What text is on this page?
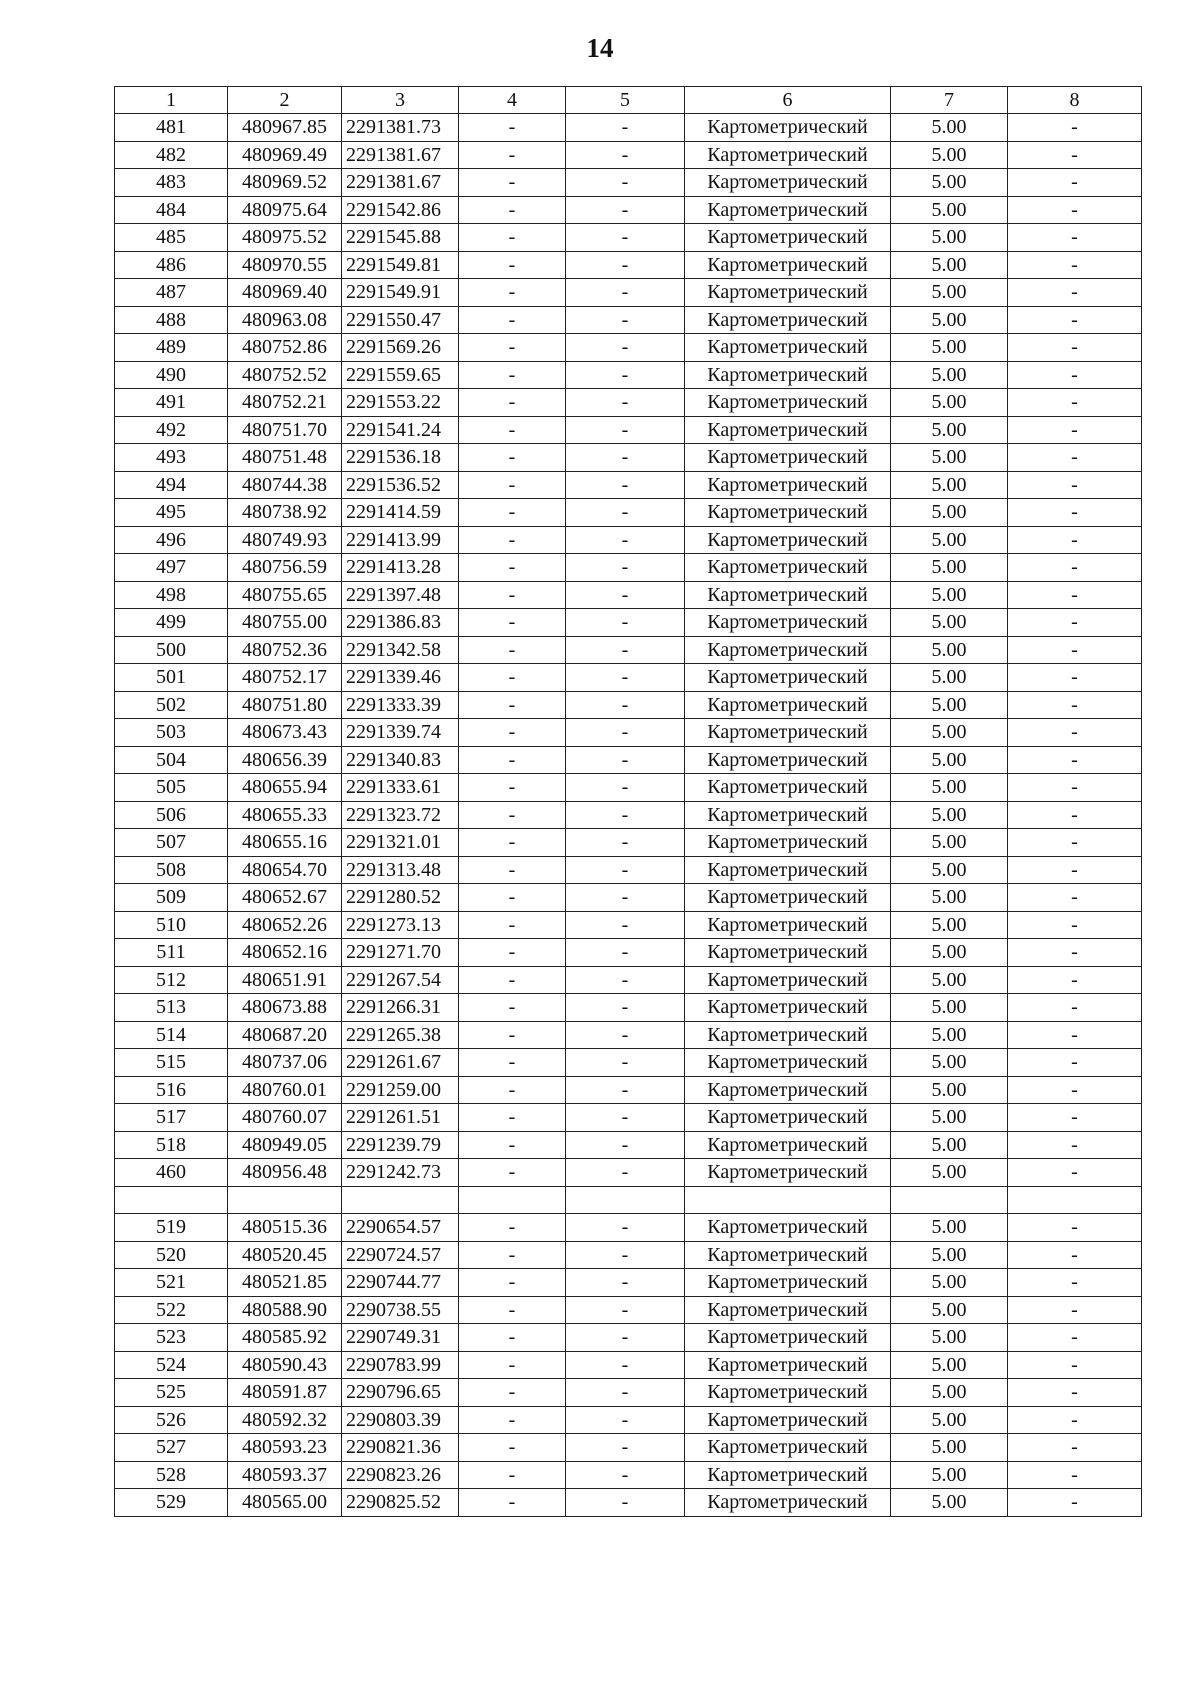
14
1	2	3	4	5	6	7	8
481	480967.85	2291381.73	-	-	Картометрический	5.00	-
482	480969.49	2291381.67	-	-	Картометрический	5.00	-
483	480969.52	2291381.67	-	-	Картометрический	5.00	-
484	480975.64	2291542.86	-	-	Картометрический	5.00	-
485	480975.52	2291545.88	-	-	Картометрический	5.00	-
486	480970.55	2291549.81	-	-	Картометрический	5.00	-
487	480969.40	2291549.91	-	-	Картометрический	5.00	-
488	480963.08	2291550.47	-	-	Картометрический	5.00	-
489	480752.86	2291569.26	-	-	Картометрический	5.00	-
490	480752.52	2291559.65	-	-	Картометрический	5.00	-
491	480752.21	2291553.22	-	-	Картометрический	5.00	-
492	480751.70	2291541.24	-	-	Картометрический	5.00	-
493	480751.48	2291536.18	-	-	Картометрический	5.00	-
494	480744.38	2291536.52	-	-	Картометрический	5.00	-
495	480738.92	2291414.59	-	-	Картометрический	5.00	-
496	480749.93	2291413.99	-	-	Картометрический	5.00	-
497	480756.59	2291413.28	-	-	Картометрический	5.00	-
498	480755.65	2291397.48	-	-	Картометрический	5.00	-
499	480755.00	2291386.83	-	-	Картометрический	5.00	-
500	480752.36	2291342.58	-	-	Картометрический	5.00	-
501	480752.17	2291339.46	-	-	Картометрический	5.00	-
502	480751.80	2291333.39	-	-	Картометрический	5.00	-
503	480673.43	2291339.74	-	-	Картометрический	5.00	-
504	480656.39	2291340.83	-	-	Картометрический	5.00	-
505	480655.94	2291333.61	-	-	Картометрический	5.00	-
506	480655.33	2291323.72	-	-	Картометрический	5.00	-
507	480655.16	2291321.01	-	-	Картометрический	5.00	-
508	480654.70	2291313.48	-	-	Картометрический	5.00	-
509	480652.67	2291280.52	-	-	Картометрический	5.00	-
510	480652.26	2291273.13	-	-	Картометрический	5.00	-
511	480652.16	2291271.70	-	-	Картометрический	5.00	-
512	480651.91	2291267.54	-	-	Картометрический	5.00	-
513	480673.88	2291266.31	-	-	Картометрический	5.00	-
514	480687.20	2291265.38	-	-	Картометрический	5.00	-
515	480737.06	2291261.67	-	-	Картометрический	5.00	-
516	480760.01	2291259.00	-	-	Картометрический	5.00	-
517	480760.07	2291261.51	-	-	Картометрический	5.00	-
518	480949.05	2291239.79	-	-	Картометрический	5.00	-
460	480956.48	2291242.73	-	-	Картометрический	5.00	-

519	480515.36	2290654.57	-	-	Картометрический	5.00	-
520	480520.45	2290724.57	-	-	Картометрический	5.00	-
521	480521.85	2290744.77	-	-	Картометрический	5.00	-
522	480588.90	2290738.55	-	-	Картометрический	5.00	-
523	480585.92	2290749.31	-	-	Картометрический	5.00	-
524	480590.43	2290783.99	-	-	Картометрический	5.00	-
525	480591.87	2290796.65	-	-	Картометрический	5.00	-
526	480592.32	2290803.39	-	-	Картометрический	5.00	-
527	480593.23	2290821.36	-	-	Картометрический	5.00	-
528	480593.37	2290823.26	-	-	Картометрический	5.00	-
529	480565.00	2290825.52	-	-	Картометрический	5.00	-
